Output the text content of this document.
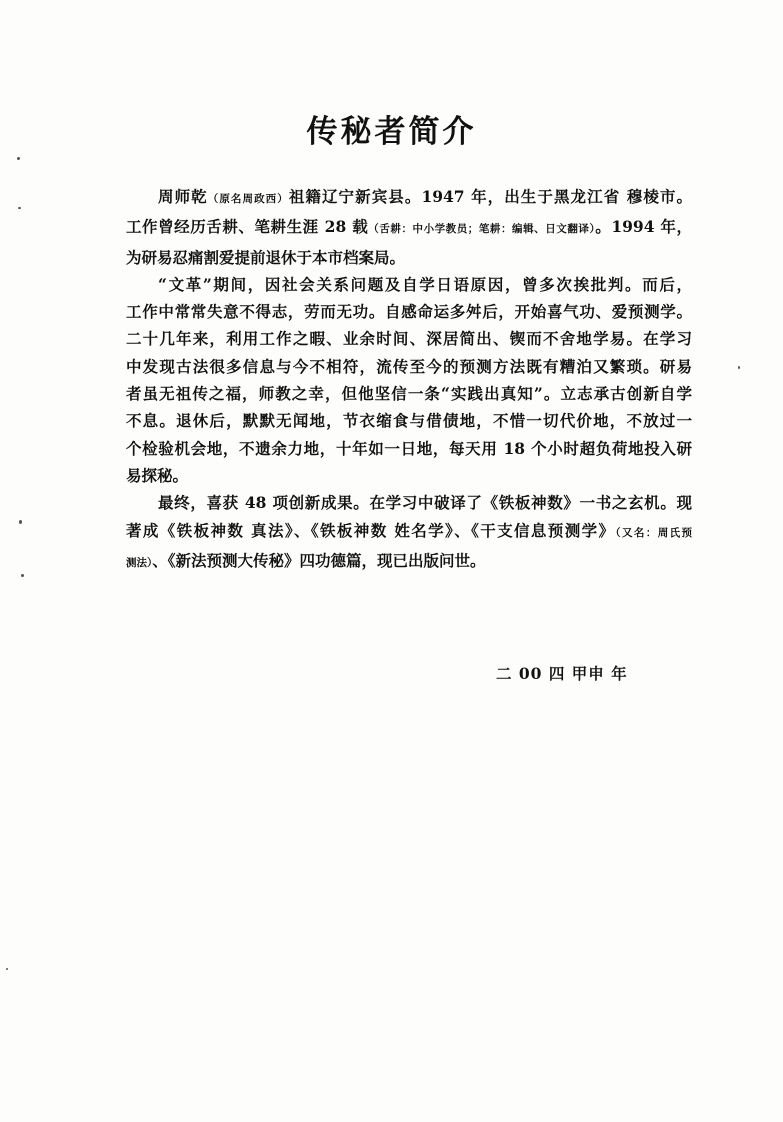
传秘者简介
周师乾（原名周政西）祖籍辽宁新宾县。1947 年，出生于黑龙江省 穆棱市。
工作曾经历舌耕、笔耕生涯 28 载（舌耕：中小学教员；笔耕：编辑、日文翻译）。1994 年，
为研易忍痛割爱提前退休于本市档案局。
“文革”期间，因社会关系问题及自学日语原因，曾多次挨批判。而后，
工作中常常失意不得志，劳而无功。自感命运多舛后，开始喜气功、爱预测学。
二十几年来，利用工作之暇、业余时间、深居简出、锲而不舍地学易。在学习
中发现古法很多信息与今不相符，流传至今的预测方法既有糟泊又繁琐。研易
者虽无祖传之福，师教之幸，但他坚信一条“实践出真知”。立志承古创新自学
不息。退休后，默默无闻地，节衣缩食与借债地，不惜一切代价地，不放过一
个检验机会地，不遗余力地，十年如一日地，每天用 18 个小时超负荷地投入研
易探秘。
最终，喜获 48 项创新成果。在学习中破译了《铁板神数》一书之玄机。现
著成《铁板神数 真法》、《铁板神数 姓名学》、《干支信息预测学》（又名：周氏预
测法）、《新法预测大传秘》四功德篇，现已出版问世。
二 00 四 甲申 年
